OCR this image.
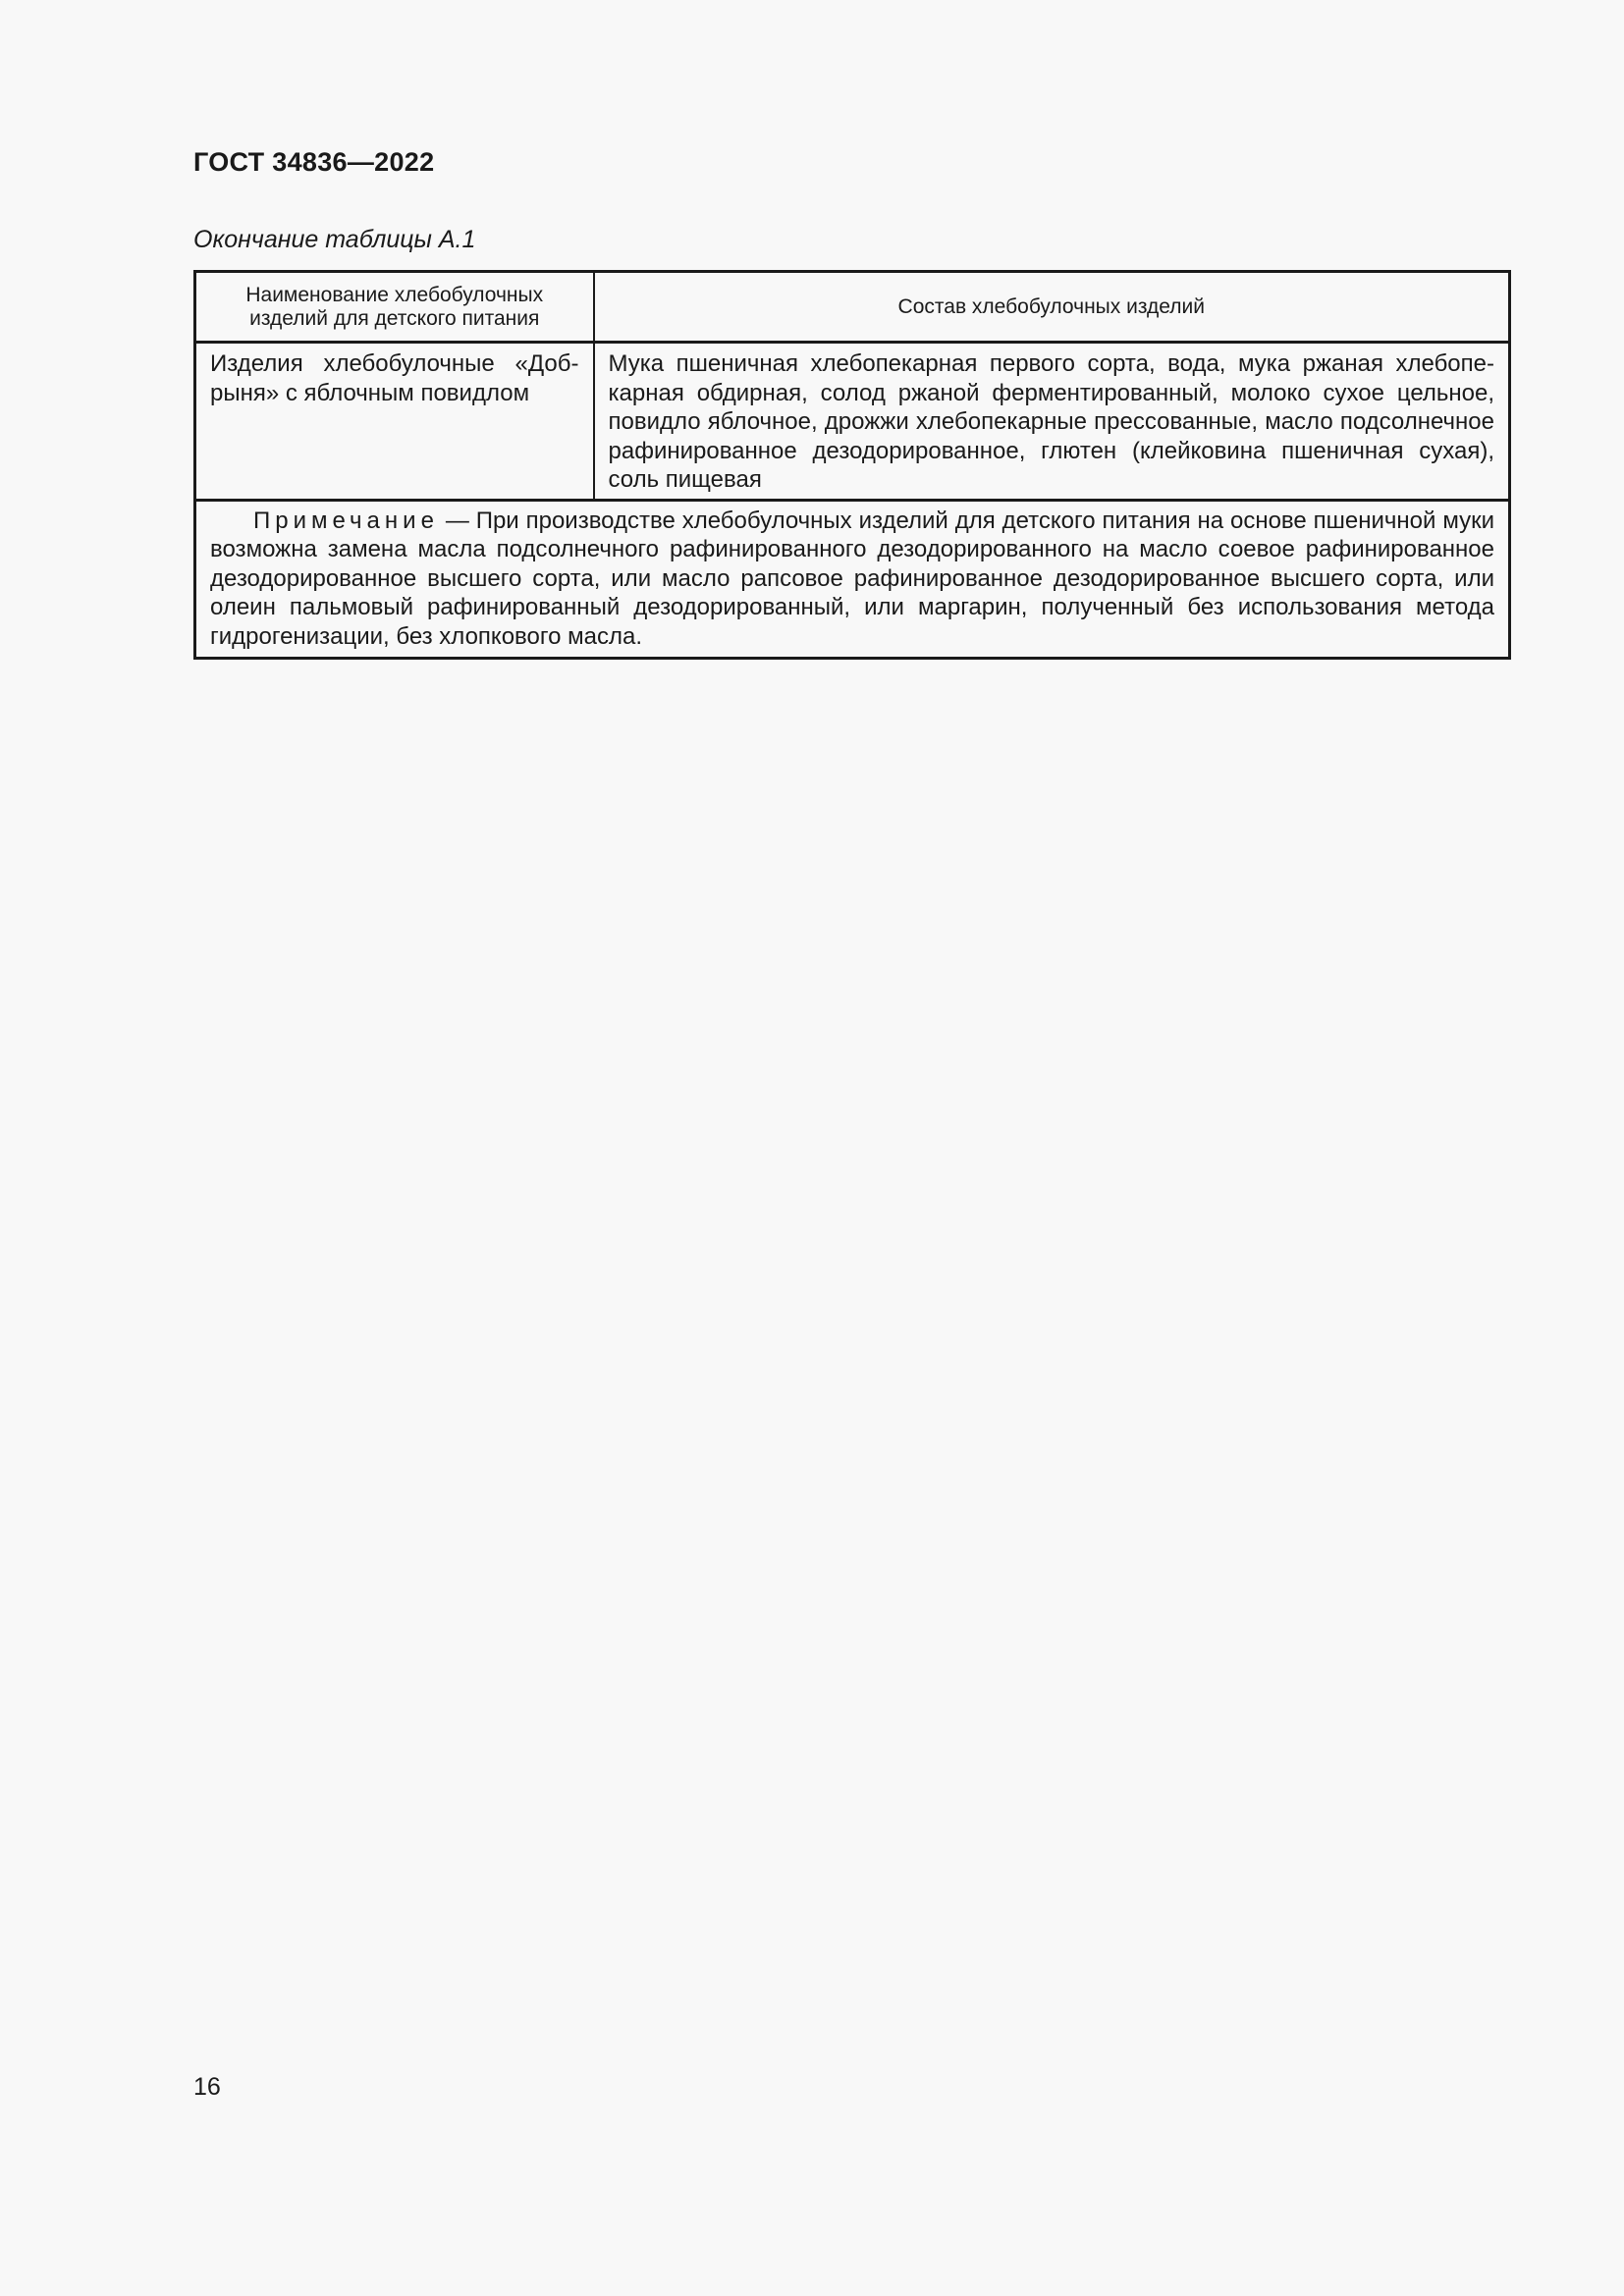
ГОСТ 34836—2022

Окончание таблицы А.1

Наименование хлебобулочных изделий для детского питания	Состав хлебобулочных изделий
Изделия хлебобулочные «Добрыня» с яблочным повидлом	Мука пшеничная хлебопекарная первого сорта, вода, мука ржаная хлебопекарная обдирная, солод ржаной ферментированный, молоко сухое цельное, повидло яблочное, дрожжи хлебопекарные прессованные, масло подсолнечное рафинированное дезодорированное, глютен (клейковина пшеничная сухая), соль пищевая
Примечание — При производстве хлебобулочных изделий для детского питания на основе пшеничной муки возможна замена масла подсолнечного рафинированного дезодорированного на масло соевое рафинированное дезодорированное высшего сорта, или масло рапсовое рафинированное дезодорированное высшего сорта, или олеин пальмовый рафинированный дезодорированный, или маргарин, полученный без использования метода гидрогенизации, без хлопкового масла.	

16
